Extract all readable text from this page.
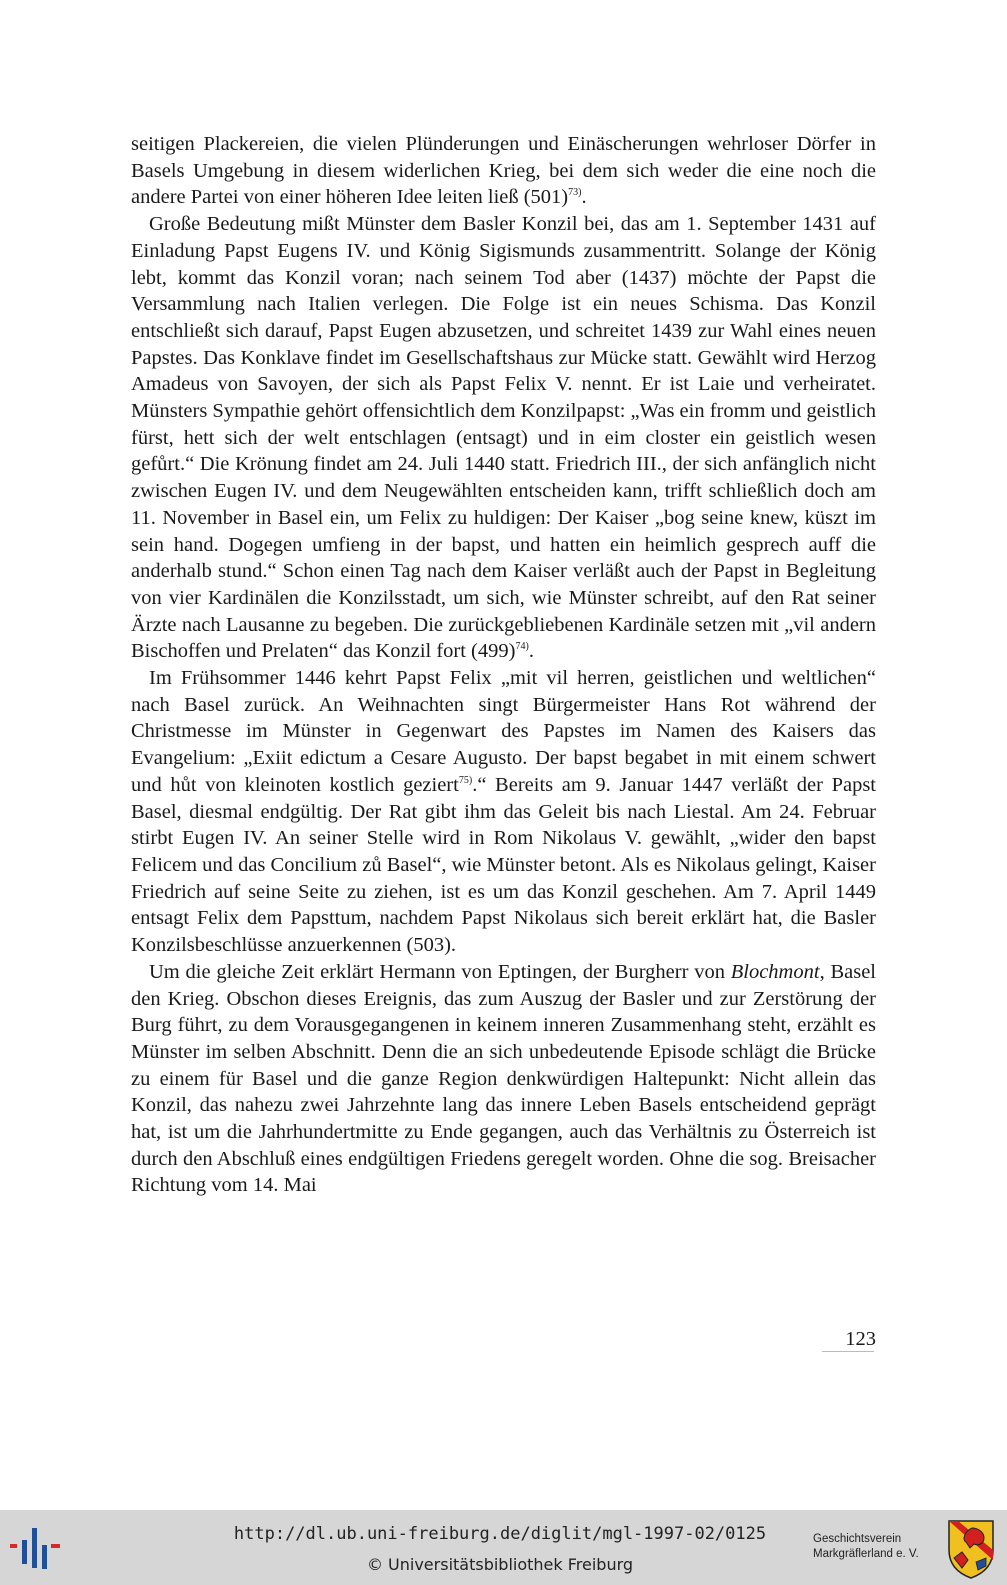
seitigen Plackereien, die vielen Plünderungen und Einäscherungen wehrloser Dörfer in Basels Umgebung in diesem widerlichen Krieg, bei dem sich weder die eine noch die andere Partei von einer höheren Idee leiten ließ (501)$^{73)}$.

Große Bedeutung mißt Münster dem Basler Konzil bei, das am 1. September 1431 auf Einladung Papst Eugens IV. und König Sigismunds zusammentritt. Solange der König lebt, kommt das Konzil voran; nach seinem Tod aber (1437) möchte der Papst die Versammlung nach Italien verlegen. Die Folge ist ein neues Schisma. Das Konzil entschließt sich darauf, Papst Eugen abzusetzen, und schreitet 1439 zur Wahl eines neuen Papstes. Das Konklave findet im Gesellschaftshaus zur Mücke statt. Gewählt wird Herzog Amadeus von Savoyen, der sich als Papst Felix V. nennt. Er ist Laie und verheiratet. Münsters Sympathie gehört offensichtlich dem Konzilpapst: „Was ein fromm und geistlich fürst, hett sich der welt entschlagen (entsagt) und in eim closter ein geistlich wesen gefůrt.“ Die Krönung findet am 24. Juli 1440 statt. Friedrich III., der sich anfänglich nicht zwischen Eugen IV. und dem Neugewählten entscheiden kann, trifft schließlich doch am 11. November in Basel ein, um Felix zu huldigen: Der Kaiser „bog seine knew, küszt im sein hand. Dogegen umfieng in der bapst, und hatten ein heimlich gesprech auff die anderhalb stund.“ Schon einen Tag nach dem Kaiser verläßt auch der Papst in Begleitung von vier Kardinälen die Konzilsstadt, um sich, wie Münster schreibt, auf den Rat seiner Ärzte nach Lausanne zu begeben. Die zurückgebliebenen Kardinäle setzen mit „vil andern Bischoffen und Prelaten“ das Konzil fort (499)$^{74)}$.

Im Frühsommer 1446 kehrt Papst Felix „mit vil herren, geistlichen und weltlichen“ nach Basel zurück. An Weihnachten singt Bürgermeister Hans Rot während der Christmesse im Münster in Gegenwart des Papstes im Namen des Kaisers das Evangelium: „Exiit edictum a Cesare Augusto. Der bapst begabet in mit einem schwert und hůt von kleinoten kostlich geziert$^{75)}$.“ Bereits am 9. Januar 1447 verläßt der Papst Basel, diesmal endgültig. Der Rat gibt ihm das Geleit bis nach Liestal. Am 24. Februar stirbt Eugen IV. An seiner Stelle wird in Rom Nikolaus V. gewählt, „wider den bapst Felicem und das Concilium zů Basel“, wie Münster betont. Als es Nikolaus gelingt, Kaiser Friedrich auf seine Seite zu ziehen, ist es um das Konzil geschehen. Am 7. April 1449 entsagt Felix dem Papsttum, nachdem Papst Nikolaus sich bereit erklärt hat, die Basler Konzilsbeschlüsse anzuerkennen (503).

Um die gleiche Zeit erklärt Hermann von Eptingen, der Burgherr von Blochmont, Basel den Krieg. Obschon dieses Ereignis, das zum Auszug der Basler und zur Zerstörung der Burg führt, zu dem Vorausgegangenen in keinem inneren Zusammenhang steht, erzählt es Münster im selben Abschnitt. Denn die an sich unbedeutende Episode schlägt die Brücke zu einem für Basel und die ganze Region denkwürdigen Haltepunkt: Nicht allein das Konzil, das nahezu zwei Jahrzehnte lang das innere Leben Basels entscheidend geprägt hat, ist um die Jahrhundertmitte zu Ende gegangen, auch das Verhältnis zu Österreich ist durch den Abschluß eines endgültigen Friedens geregelt worden. Ohne die sog. Breisacher Richtung vom 14. Mai

123
http://dl.ub.uni-freiburg.de/diglit/mgl-1997-02/0125
© Universitätsbibliothek Freiburg
Geschichtsverein
Markgräflerland e. V.
